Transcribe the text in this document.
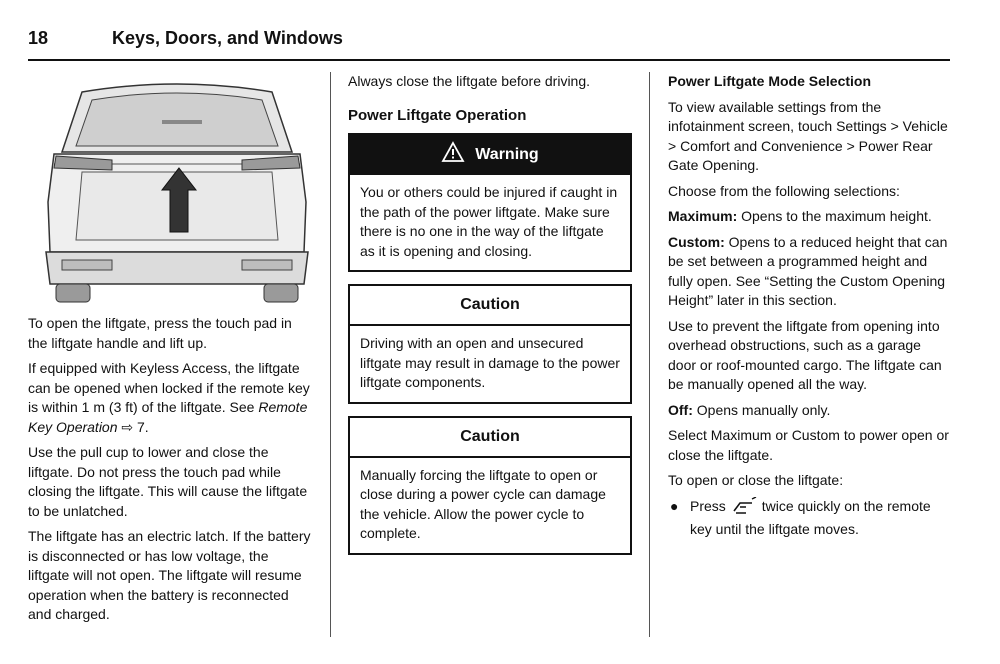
18	Keys, Doors, and Windows

To open the liftgate, press the touch pad in the liftgate handle and lift up.

If equipped with Keyless Access, the liftgate can be opened when locked if the remote key is within 1 m (3 ft) of the liftgate. See Remote Key Operation ⇨ 7.

Use the pull cup to lower and close the liftgate. Do not press the touch pad while closing the liftgate. This will cause the liftgate to be unlatched.

The liftgate has an electric latch. If the battery is disconnected or has low voltage, the liftgate will not open. The liftgate will resume operation when the battery is reconnected and charged.

Always close the liftgate before driving.

Power Liftgate Operation
Warning
You or others could be injured if caught in the path of the power liftgate. Make sure there is no one in the way of the liftgate as it is opening and closing.
Caution
Driving with an open and unsecured liftgate may result in damage to the power liftgate components.
Caution
Manually forcing the liftgate to open or close during a power cycle can damage the vehicle. Allow the power cycle to complete.
Power Liftgate Mode Selection

To view available settings from the infotainment screen, touch Settings > Vehicle > Comfort and Convenience > Power Rear Gate Opening.

Choose from the following selections:

Maximum: Opens to the maximum height.

Custom: Opens to a reduced height that can be set between a programmed height and fully open. See “Setting the Custom Opening Height” later in this section.

Use to prevent the liftgate from opening into overhead obstructions, such as a garage door or roof-mounted cargo. The liftgate can be manually opened all the way.

Off: Opens manually only.

Select Maximum or Custom to power open or close the liftgate.

To open or close the liftgate:

● Press	twice quickly on the remote key until the liftgate moves.
